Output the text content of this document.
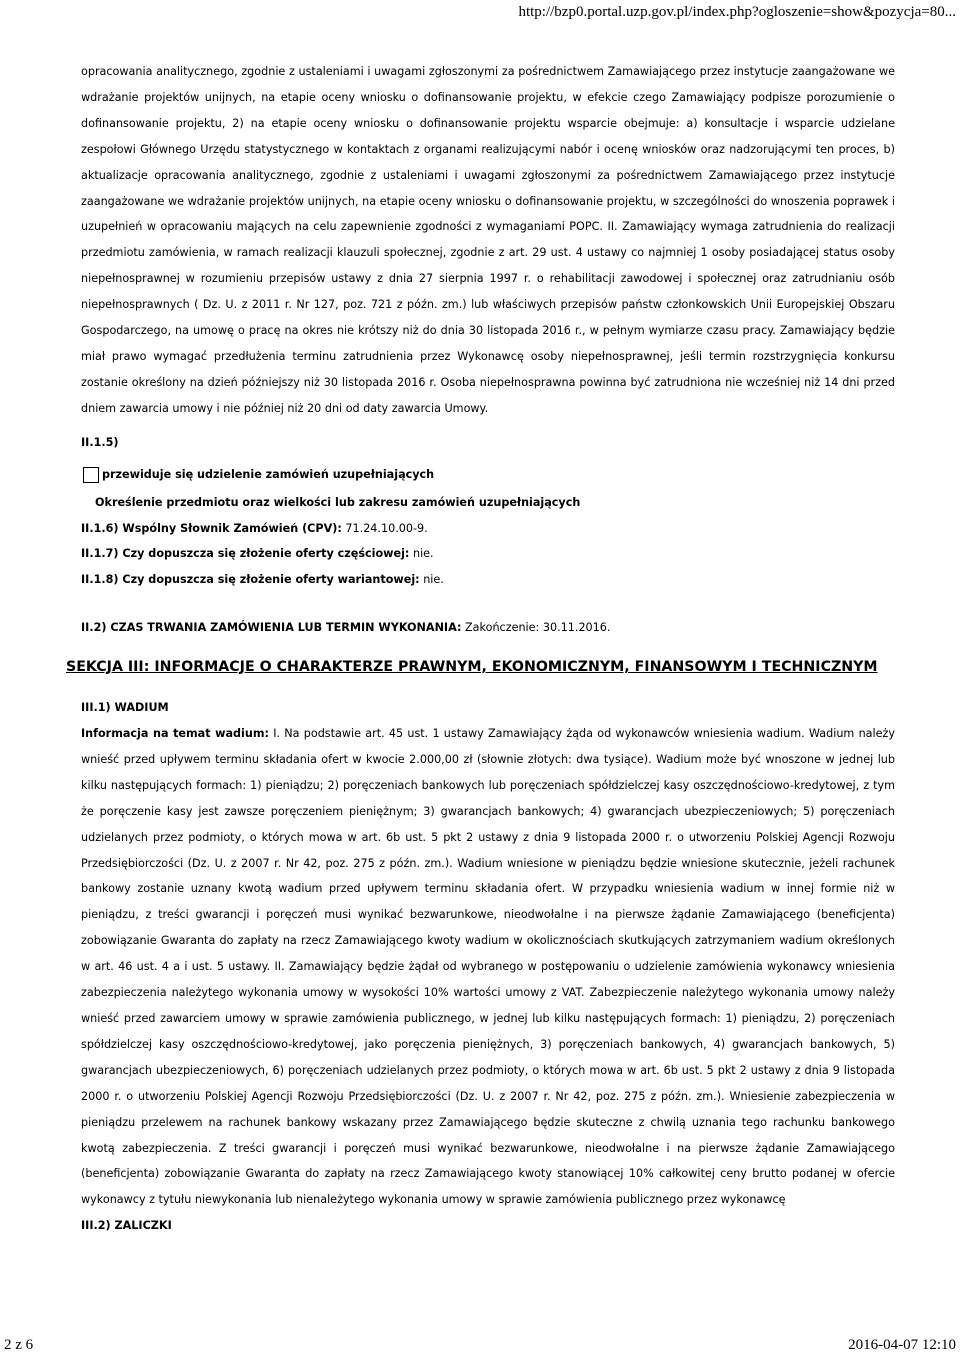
http://bzp0.portal.uzp.gov.pl/index.php?ogloszenie=show&pozycja=80...

opracowania analitycznego, zgodnie z ustaleniami i uwagami zgłoszonymi za pośrednictwem Zamawiającego przez instytucje zaangażowane we wdrażanie projektów unijnych, na etapie oceny wniosku o dofinansowanie projektu, w efekcie czego Zamawiający podpisze porozumienie o dofinansowanie projektu, 2) na etapie oceny wniosku o dofinansowanie projektu wsparcie obejmuje: a) konsultacje i wsparcie udzielane zespołowi Głównego Urzędu statystycznego w kontaktach z organami realizującymi nabór i ocenę wniosków oraz nadzorującymi ten proces, b) aktualizacje opracowania analitycznego, zgodnie z ustaleniami i uwagami zgłoszonymi za pośrednictwem Zamawiającego przez instytucje zaangażowane we wdrażanie projektów unijnych, na etapie oceny wniosku o dofinansowanie projektu, w szczególności do wnoszenia poprawek i uzupełnień w opracowaniu mających na celu zapewnienie zgodności z wymaganiami POPC. II. Zamawiający wymaga zatrudnienia do realizacji przedmiotu zamówienia, w ramach realizacji klauzuli społecznej, zgodnie z art. 29 ust. 4 ustawy co najmniej 1 osoby posiadającej status osoby niepełnosprawnej w rozumieniu przepisów ustawy z dnia 27 sierpnia 1997 r. o rehabilitacji zawodowej i społecznej oraz zatrudnianiu osób niepełnosprawnych ( Dz. U. z 2011 r. Nr 127, poz. 721 z późn. zm.) lub właściwych przepisów państw członkowskich Unii Europejskiej Obszaru Gospodarczego, na umowę o pracę na okres nie krótszy niż do dnia 30 listopada 2016 r., w pełnym wymiarze czasu pracy. Zamawiający będzie miał prawo wymagać przedłużenia terminu zatrudnienia przez Wykonawcę osoby niepełnosprawnej, jeśli termin rozstrzygnięcia konkursu zostanie określony na dzień późniejszy niż 30 listopada 2016 r. Osoba niepełnosprawna powinna być zatrudniona nie wcześniej niż 14 dni przed dniem zawarcia umowy i nie później niż 20 dni od daty zawarcia Umowy.

II.1.5)

przewiduje się udzielenie zamówień uzupełniających

Określenie przedmiotu oraz wielkości lub zakresu zamówień uzupełniających

II.1.6) Wspólny Słownik Zamówień (CPV): 71.24.10.00-9.

II.1.7) Czy dopuszcza się złożenie oferty częściowej: nie.

II.1.8) Czy dopuszcza się złożenie oferty wariantowej: nie.

II.2) CZAS TRWANIA ZAMÓWIENIA LUB TERMIN WYKONANIA: Zakończenie: 30.11.2016.

SEKCJA III: INFORMACJE O CHARAKTERZE PRAWNYM, EKONOMICZNYM, FINANSOWYM I TECHNICZNYM

III.1) WADIUM

Informacja na temat wadium: I. Na podstawie art. 45 ust. 1 ustawy Zamawiający żąda od wykonawców wniesienia wadium. Wadium należy wnieść przed upływem terminu składania ofert w kwocie 2.000,00 zł (słownie złotych: dwa tysiące). Wadium może być wnoszone w jednej lub kilku następujących formach: 1) pieniądzu; 2) poręczeniach bankowych lub poręczeniach spółdzielczej kasy oszczędnościowo-kredytowej, z tym że poręczenie kasy jest zawsze poręczeniem pieniężnym; 3) gwarancjach bankowych; 4) gwarancjach ubezpieczeniowych; 5) poręczeniach udzielanych przez podmioty, o których mowa w art. 6b ust. 5 pkt 2 ustawy z dnia 9 listopada 2000 r. o utworzeniu Polskiej Agencji Rozwoju Przedsiębiorczości (Dz. U. z 2007 r. Nr 42, poz. 275 z późn. zm.). Wadium wniesione w pieniądzu będzie wniesione skutecznie, jeżeli rachunek bankowy zostanie uznany kwotą wadium przed upływem terminu składania ofert. W przypadku wniesienia wadium w innej formie niż w pieniądzu, z treści gwarancji i poręczeń musi wynikać bezwarunkowe, nieodwołalne i na pierwsze żądanie Zamawiającego (beneficjenta) zobowiązanie Gwaranta do zapłaty na rzecz Zamawiającego kwoty wadium w okolicznościach skutkujących zatrzymaniem wadium określonych w art. 46 ust. 4 a i ust. 5 ustawy. II. Zamawiający będzie żądał od wybranego w postępowaniu o udzielenie zamówienia wykonawcy wniesienia zabezpieczenia należytego wykonania umowy w wysokości 10% wartości umowy z VAT. Zabezpieczenie należytego wykonania umowy należy wnieść przed zawarciem umowy w sprawie zamówienia publicznego, w jednej lub kilku następujących formach: 1) pieniądzu, 2) poręczeniach spółdzielczej kasy oszczędnościowo-kredytowej, jako poręczenia pieniężnych, 3) poręczeniach bankowych, 4) gwarancjach bankowych, 5) gwarancjach ubezpieczeniowych, 6) poręczeniach udzielanych przez podmioty, o których mowa w art. 6b ust. 5 pkt 2 ustawy z dnia 9 listopada 2000 r. o utworzeniu Polskiej Agencji Rozwoju Przedsiębiorczości (Dz. U. z 2007 r. Nr 42, poz. 275 z późn. zm.). Wniesienie zabezpieczenia w pieniądzu przelewem na rachunek bankowy wskazany przez Zamawiającego będzie skuteczne z chwilą uznania tego rachunku bankowego kwotą zabezpieczenia. Z treści gwarancji i poręczeń musi wynikać bezwarunkowe, nieodwołalne i na pierwsze żądanie Zamawiającego (beneficjenta) zobowiązanie Gwaranta do zapłaty na rzecz Zamawiającego kwoty stanowiącej 10% całkowitej ceny brutto podanej w ofercie wykonawcy z tytułu niewykonania lub nienależytego wykonania umowy w sprawie zamówienia publicznego przez wykonawcę

III.2) ZALICZKI

2 z 6	2016-04-07 12:10
